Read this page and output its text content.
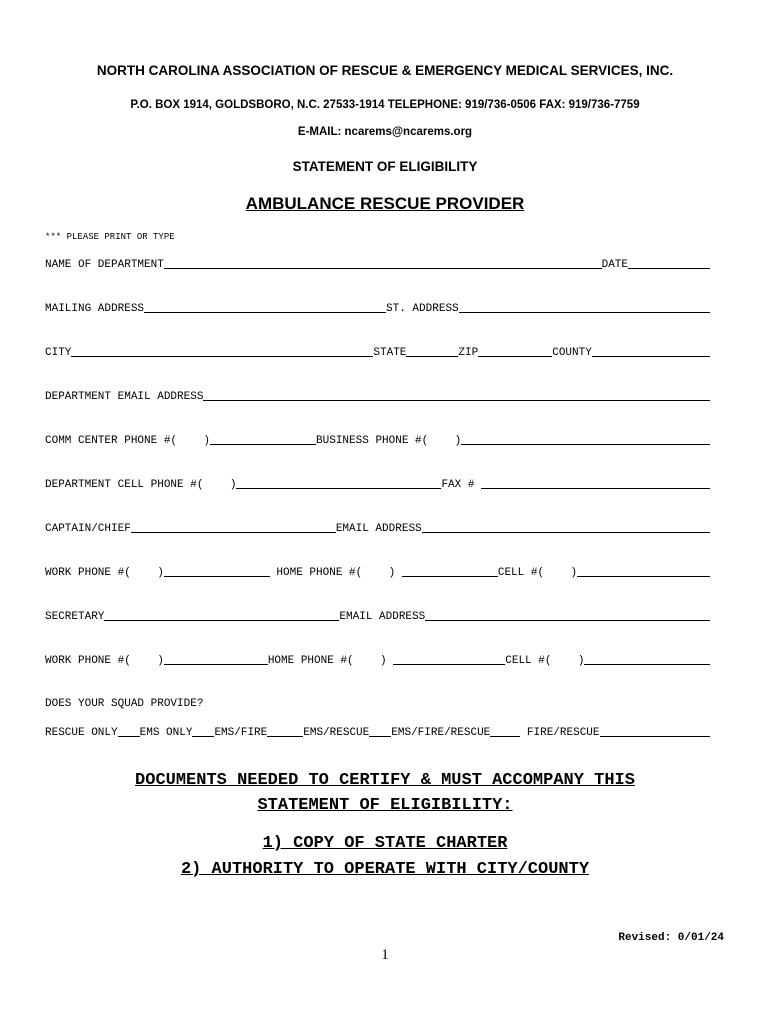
NORTH CAROLINA ASSOCIATION OF RESCUE & EMERGENCY MEDICAL SERVICES, INC.
P.O. BOX 1914, GOLDSBORO, N.C. 27533-1914 TELEPHONE: 919/736-0506 FAX: 919/736-7759
E-MAIL: ncarems@ncarems.org
STATEMENT OF ELIGIBILITY
AMBULANCE RESCUE PROVIDER
*** PLEASE PRINT OR TYPE
NAME OF DEPARTMENT	DATE
MAILING ADDRESS	ST. ADDRESS
CITY	STATE	ZIP	COUNTY
DEPARTMENT EMAIL ADDRESS
COMM CENTER PHONE #(    )	BUSINESS PHONE #(    )
DEPARTMENT CELL PHONE #(    )	FAX #
CAPTAIN/CHIEF	EMAIL ADDRESS
WORK PHONE #(    )	HOME PHONE #(    )	CELL #(    )
SECRETARY	EMAIL ADDRESS
WORK PHONE #(    )	HOME PHONE #(    )	CELL #(    )
DOES YOUR SQUAD PROVIDE?
RESCUE ONLY EMS ONLY EMS/FIRE	EMS/RESCUE EMS/FIRE/RESCUE	FIRE/RESCUE
DOCUMENTS NEEDED TO CERTIFY & MUST ACCOMPANY THIS
STATEMENT OF ELIGIBILITY:
1) COPY OF STATE CHARTER
2) AUTHORITY TO OPERATE WITH CITY/COUNTY
Revised: 0/01/24
1
